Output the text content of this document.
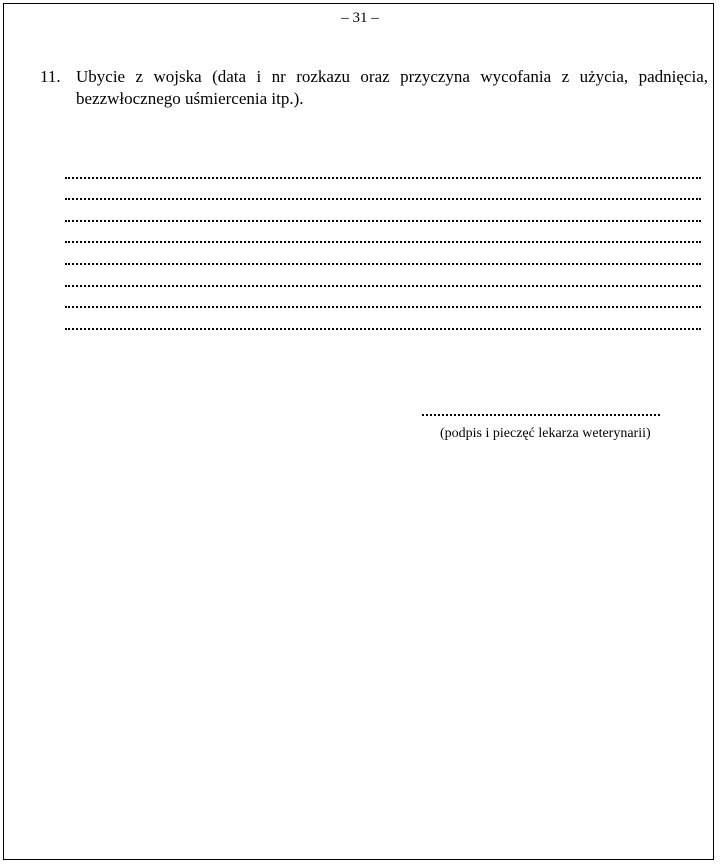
– 31 –
11. Ubycie z wojska (data i nr rozkazu oraz przyczyna wycofania z użycia, padnięcia, bezzwłocznego uśmiercenia itp.).
(podpis i pieczęć lekarza weterynarii)
